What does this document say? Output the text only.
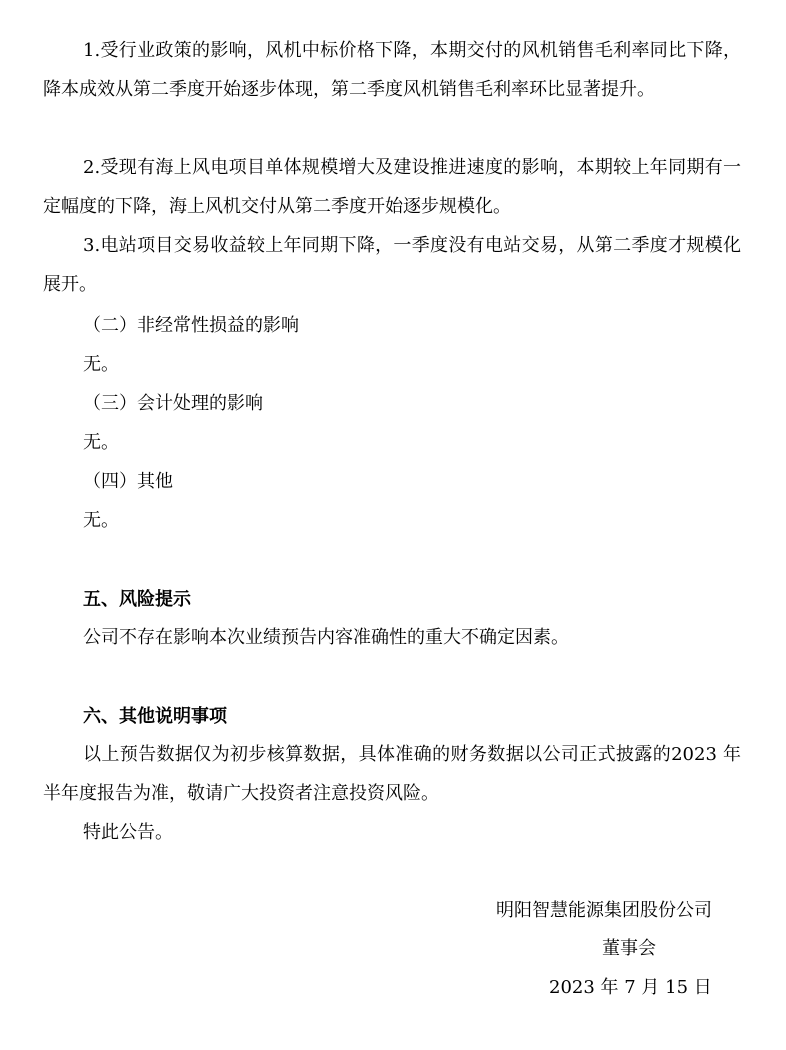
1.受行业政策的影响，风机中标价格下降，本期交付的风机销售毛利率同比下降，降本成效从第二季度开始逐步体现，第二季度风机销售毛利率环比显著提升。

2.受现有海上风电项目单体规模增大及建设推进速度的影响，本期较上年同期有一定幅度的下降，海上风机交付从第二季度开始逐步规模化。

3.电站项目交易收益较上年同期下降，一季度没有电站交易，从第二季度才规模化展开。

（二）非经常性损益的影响

无。

（三）会计处理的影响

无。

（四）其他

无。

五、风险提示

公司不存在影响本次业绩预告内容准确性的重大不确定因素。

六、其他说明事项

以上预告数据仅为初步核算数据，具体准确的财务数据以公司正式披露的2023 年半年度报告为准，敬请广大投资者注意投资风险。

特此公告。

明阳智慧能源集团股份公司

董事会

2023 年 7 月 15 日
